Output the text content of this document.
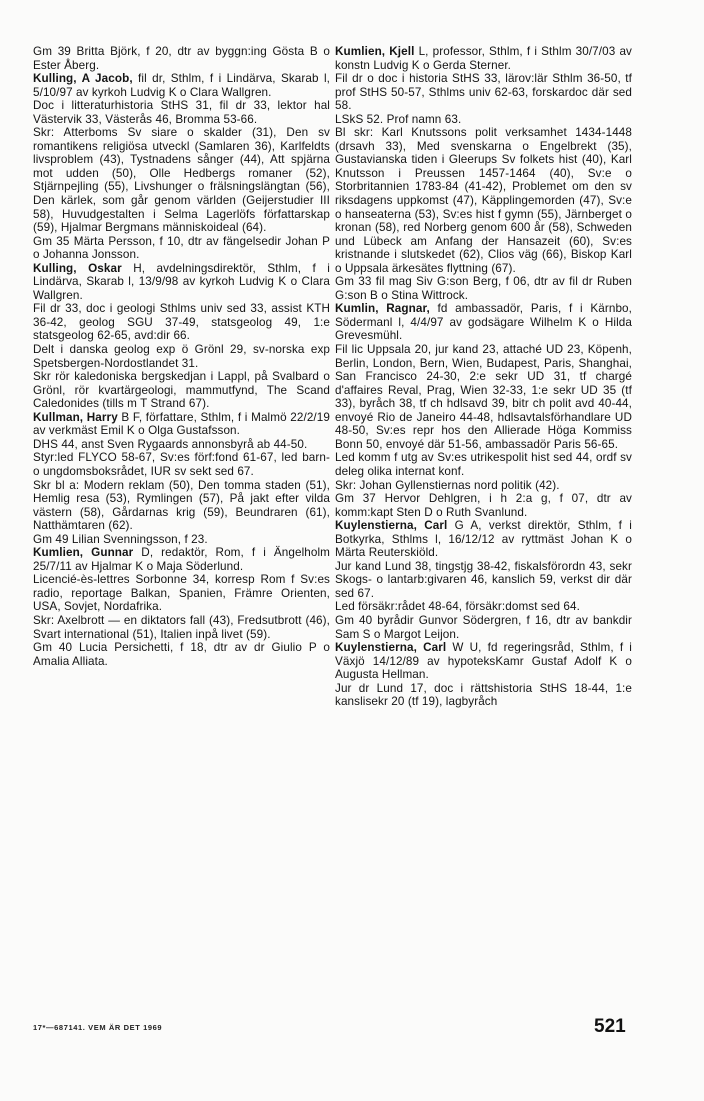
Gm 39 Britta Björk, f 20, dtr av byggn:ing Gösta B o Ester Åberg.

Kulling, A Jacob, fil dr, Sthlm, f i Lindärva, Skarab l, 5/10/97 av kyrkoh Ludvig K o Clara Wallgren.

Doc i litteraturhistoria StHS 31, fil dr 33, lektor hal Västervik 33, Västerås 46, Bromma 53-66.

Skr: Atterboms Sv siare o skalder (31), Den sv romantikens religiösa utveckl (Samlaren 36), Karlfeldts livsproblem (43), Tystnadens sånger (44), Att spjärna mot udden (50), Olle Hedbergs romaner (52), Stjärnpejling (55), Livshunger o frälsningslängtan (56), Den kärlek, som går genom världen (Geijerstudier III 58), Huvudgestalten i Selma Lagerlöfs författarskap (59), Hjalmar Bergmans människoideal (64).

Gm 35 Märta Persson, f 10, dtr av fängelsedir Johan P o Johanna Jonsson.

Kulling, Oskar H, avdelningsdirektör, Sthlm, f i Lindärva, Skarab l, 13/9/98 av kyrkoh Ludvig K o Clara Wallgren.

Fil dr 33, doc i geologi Sthlms univ sed 33, assist KTH 36-42, geolog SGU 37-49, statsgeolog 49, 1:e statsgeolog 62-65, avd:dir 66.

Delt i danska geolog exp ö Grönl 29, sv-norska exp Spetsbergen-Nordostlandet 31.

Skr rör kaledoniska bergskedjan i Lappl, på Svalbard o Grönl, rör kvartärgeologi, mammutfynd, The Scand Caledonides (tills m T Strand 67).

Kullman, Harry B F, författare, Sthlm, f i Malmö 22/2/19 av verkmäst Emil K o Olga Gustafsson.

DHS 44, anst Sven Rygaards annonsbyrå ab 44-50.

Styr:led FLYCO 58-67, Sv:es förf:fond 61-67, led barn- o ungdomsboksrådet, IUR sv sekt sed 67.

Skr bl a: Modern reklam (50), Den tomma staden (51), Hemlig resa (53), Rymlingen (57), På jakt efter vilda västern (58), Gårdarnas krig (59), Beundraren (61), Natthämtaren (62).

Gm 49 Lilian Svenningsson, f 23.

Kumlien, Gunnar D, redaktör, Rom, f i Ängelholm 25/7/11 av Hjalmar K o Maja Söderlund.

Licencié-ès-lettres Sorbonne 34, korresp Rom f Sv:es radio, reportage Balkan, Spanien, Främre Orienten, USA, Sovjet, Nordafrika.

Skr: Axelbrott — en diktators fall (43), Fredsutbrott (46), Svart international (51), Italien inpå livet (59).

Gm 40 Lucia Persichetti, f 18, dtr av dr Giulio P o Amalia Alliata.

Kumlien, Kjell L, professor, Sthlm, f i Sthlm 30/7/03 av konstn Ludvig K o Gerda Sterner.

Fil dr o doc i historia StHS 33, lärov:lär Sthlm 36-50, tf prof StHS 50-57, Sthlms univ 62-63, forskardoc där sed 58.

LSkS 52. Prof namn 63.

Bl skr: Karl Knutssons polit verksamhet 1434-1448 (drsavh 33), Med svenskarna o Engelbrekt (35), Gustavianska tiden i Gleerups Sv folkets hist (40), Karl Knutsson i Preussen 1457-1464 (40), Sv:e o Storbritannien 1783-84 (41-42), Problemet om den sv riksdagens uppkomst (47), Käpplingemorden (47), Sv:e o hanseaterna (53), Sv:es hist f gymn (55), Järnberget o kronan (58), red Norberg genom 600 år (58), Schweden und Lübeck am Anfang der Hansazeit (60), Sv:es kristnande i slutskedet (62), Clios väg (66), Biskop Karl o Uppsala ärkesätes flyttning (67).

Gm 33 fil mag Siv G:son Berg, f 06, dtr av fil dr Ruben G:son B o Stina Wittrock.

Kumlin, Ragnar, fd ambassadör, Paris, f i Kärnbo, Södermanl l, 4/4/97 av godsägare Wilhelm K o Hilda Grevesmühl.

Fil lic Uppsala 20, jur kand 23, attaché UD 23, Köpenh, Berlin, London, Bern, Wien, Budapest, Paris, Shanghai, San Francisco 24-30, 2:e sekr UD 31, tf chargé d'affaires Reval, Prag, Wien 32-33, 1:e sekr UD 35 (tf 33), byråch 38, tf ch hdlsavd 39, bitr ch polit avd 40-44, envoyé Rio de Janeiro 44-48, hdlsavtalsförhandlare UD 48-50, Sv:es repr hos den Allierade Höga Kommiss Bonn 50, envoyé där 51-56, ambassadör Paris 56-65.

Led komm f utg av Sv:es utrikespolit hist sed 44, ordf sv deleg olika internat konf.

Skr: Johan Gyllenstiernas nord politik (42).

Gm 37 Hervor Dehlgren, i h 2:a g, f 07, dtr av komm:kapt Sten D o Ruth Svanlund.

Kuylenstierna, Carl G A, verkst direktör, Sthlm, f i Botkyrka, Sthlms l, 16/12/12 av ryttmäst Johan K o Märta Reuterskiöld.

Jur kand Lund 38, tingstjg 38-42, fiskalsförordn 43, sekr Skogs- o lantarb:givaren 46, kanslich 59, verkst dir där sed 67.

Led försäkr:rådet 48-64, försäkr:domst sed 64.

Gm 40 byrådir Gunvor Södergren, f 16, dtr av bankdir Sam S o Margot Leijon.

Kuylenstierna, Carl W U, fd regeringsråd, Sthlm, f i Växjö 14/12/89 av hypoteksKamr Gustaf Adolf K o Augusta Hellman.

Jur dr Lund 17, doc i rättshistoria StHS 18-44, 1:e kanslisekr 20 (tf 19), lagbyråch

17*—687141. VEM ÄR DET 1969	521
